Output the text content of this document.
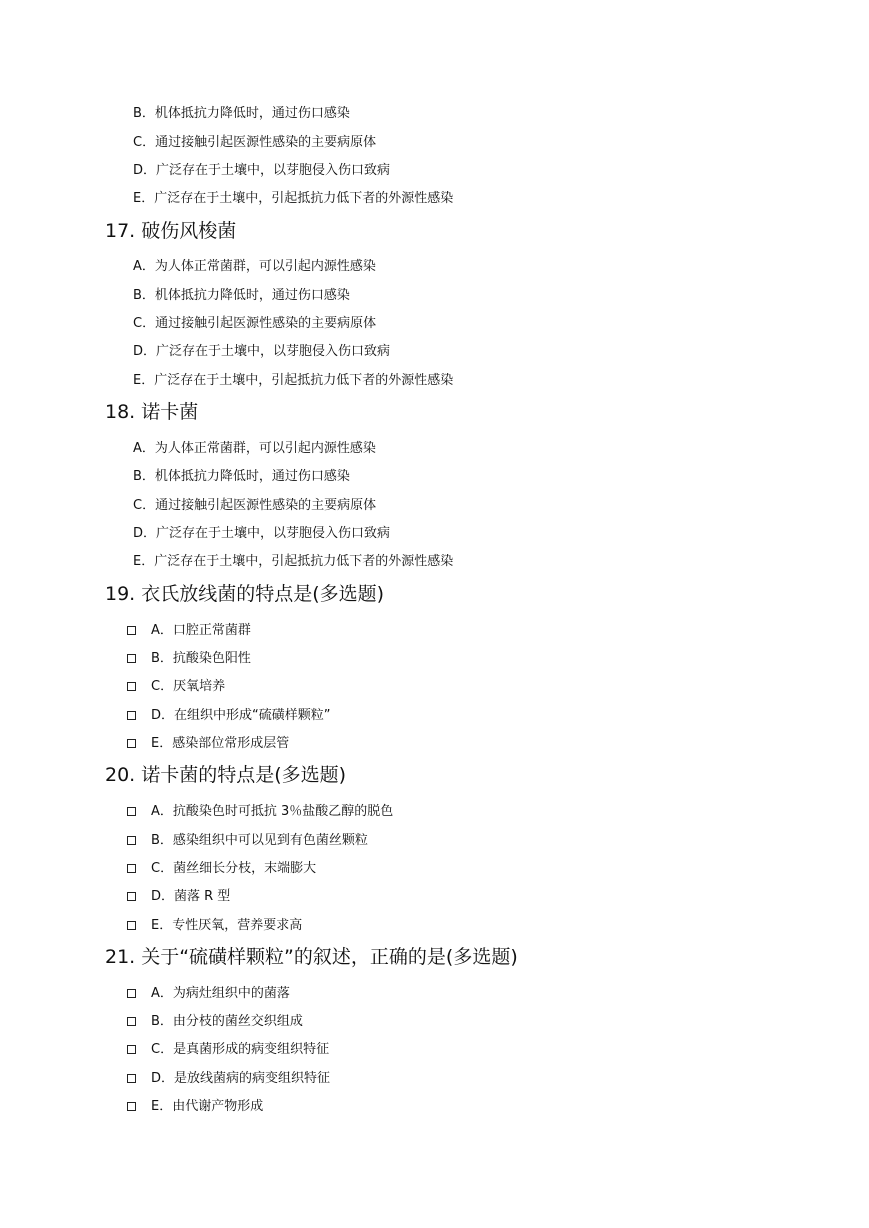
B．机体抵抗力降低时，通过伤口感染
C．通过接触引起医源性感染的主要病原体
D．广泛存在于土壤中，以芽胞侵入伤口致病
E．广泛存在于土壤中，引起抵抗力低下者的外源性感染
17. 破伤风梭菌
A．为人体正常菌群，可以引起内源性感染
B．机体抵抗力降低时，通过伤口感染
C．通过接触引起医源性感染的主要病原体
D．广泛存在于土壤中，以芽胞侵入伤口致病
E．广泛存在于土壤中，引起抵抗力低下者的外源性感染
18. 诺卡菌
A．为人体正常菌群，可以引起内源性感染
B．机体抵抗力降低时，通过伤口感染
C．通过接触引起医源性感染的主要病原体
D．广泛存在于土壤中，以芽胞侵入伤口致病
E．广泛存在于土壤中，引起抵抗力低下者的外源性感染
19. 衣氏放线菌的特点是(多选题)
A．口腔正常菌群
B．抗酸染色阳性
C．厌氧培养
D．在组织中形成“硫磺样颗粒”
E．感染部位常形成层管
20. 诺卡菌的特点是(多选题)
A．抗酸染色时可抵抗 3％盐酸乙醇的脱色
B．感染组织中可以见到有色菌丝颗粒
C．菌丝细长分枝，末端膨大
D．菌落 R 型
E．专性厌氧，营养要求高
21. 关于“硫磺样颗粒”的叙述，正确的是(多选题)
A．为病灶组织中的菌落
B．由分枝的菌丝交织组成
C．是真菌形成的病变组织特征
D．是放线菌病的病变组织特征
E．由代谢产物形成
